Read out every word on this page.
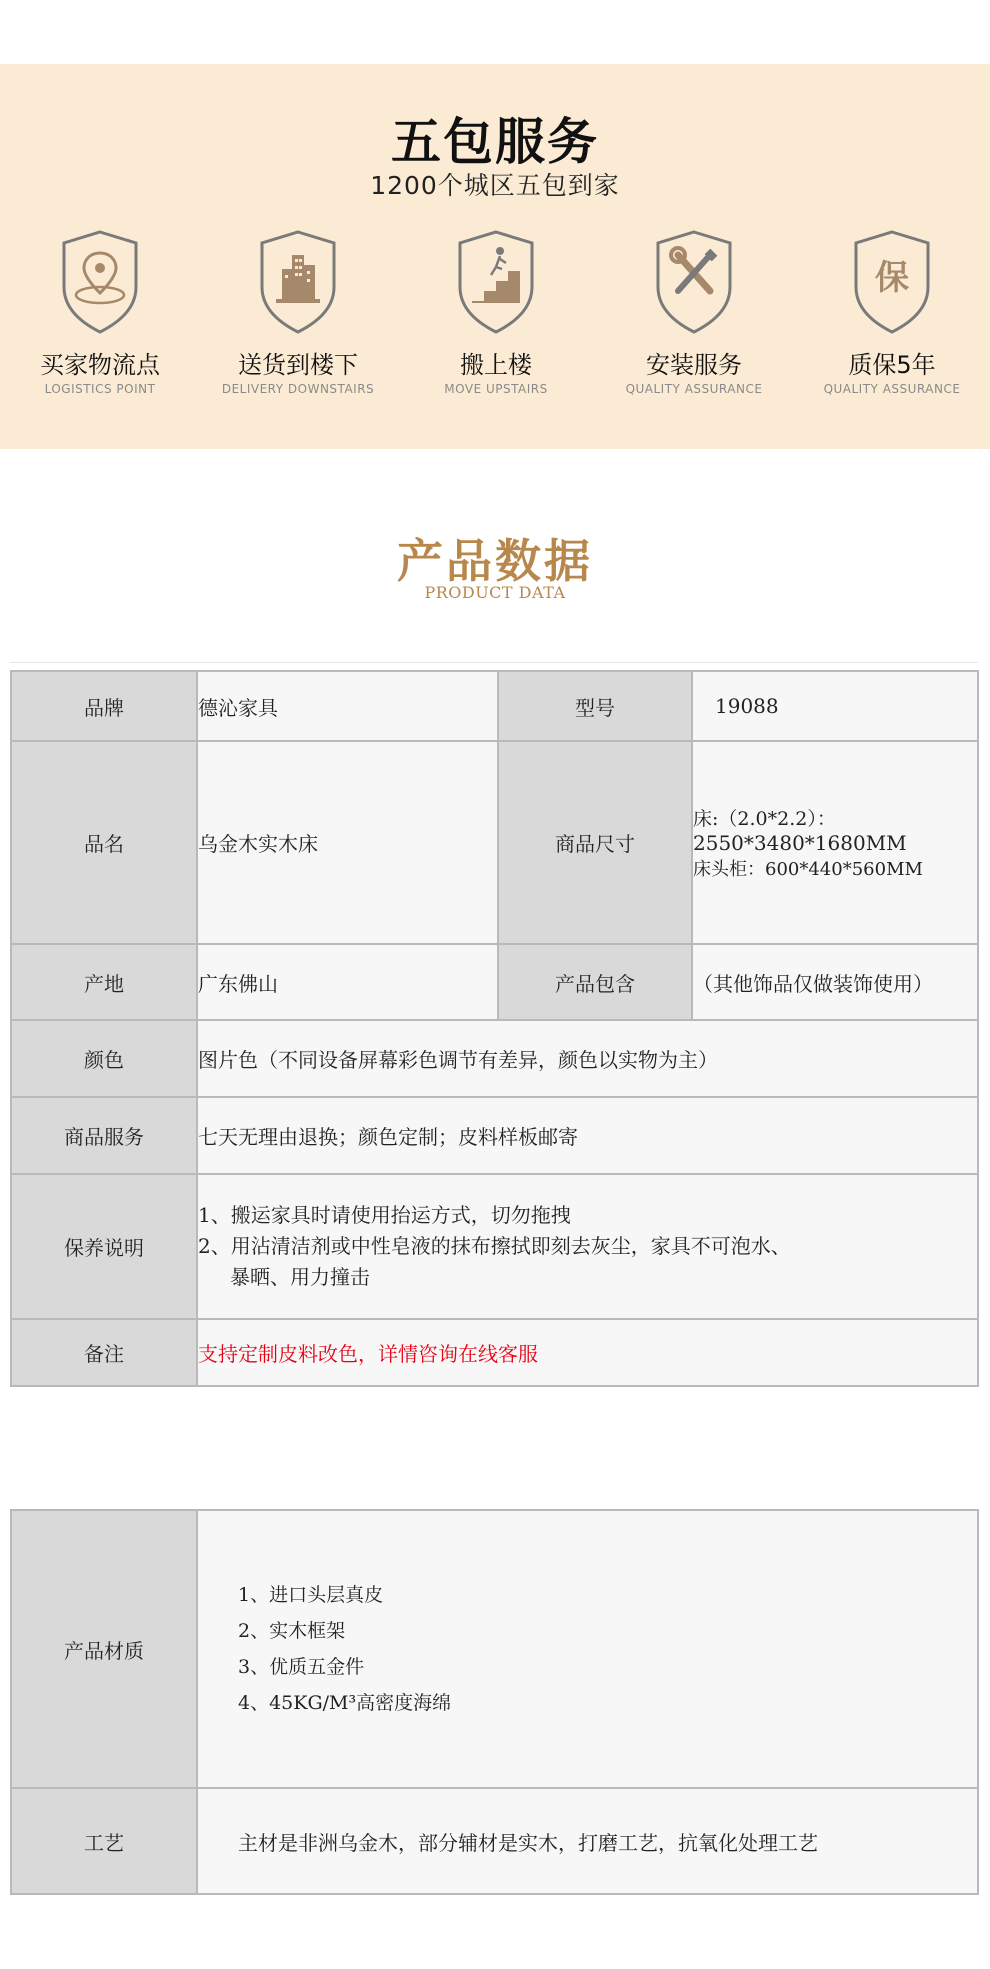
五包服务
1200个城区五包到家
买家物流点
LOGISTICS POINT
送货到楼下
DELIVERY DOWNSTAIRS
搬上楼
MOVE UPSTAIRS
安装服务
QUALITY ASSURANCE
保
质保5年
QUALITY ASSURANCE
产品数据
PRODUCT DATA
品牌	德沁家具	型号	19088
品名	乌金木实木床	商品尺寸	床:（2.0*2.2）：
2550*3480*1680MM
床头柜：600*440*560MM

产地	广东佛山	产品包含	（其他饰品仅做装饰使用）
颜色	图片色（不同设备屏幕彩色调节有差异，颜色以实物为主）		
商品服务	七天无理由退换；颜色定制；皮料样板邮寄		
保养说明	1、搬运家具时请使用抬运方式，切勿拖拽
2、用沾清洁剂或中性皂液的抹布擦拭即刻去灰尘，家具不可泡水、
暴晒、用力撞击		

备注	支持定制皮料改色，详情咨询在线客服		
产品材质	1、进口头层真皮
2、实木框架
3、优质五金件
4、45KG/M³高密度海绵

工艺	主材是非洲乌金木，部分辅材是实木，打磨工艺，抗氧化处理工艺
